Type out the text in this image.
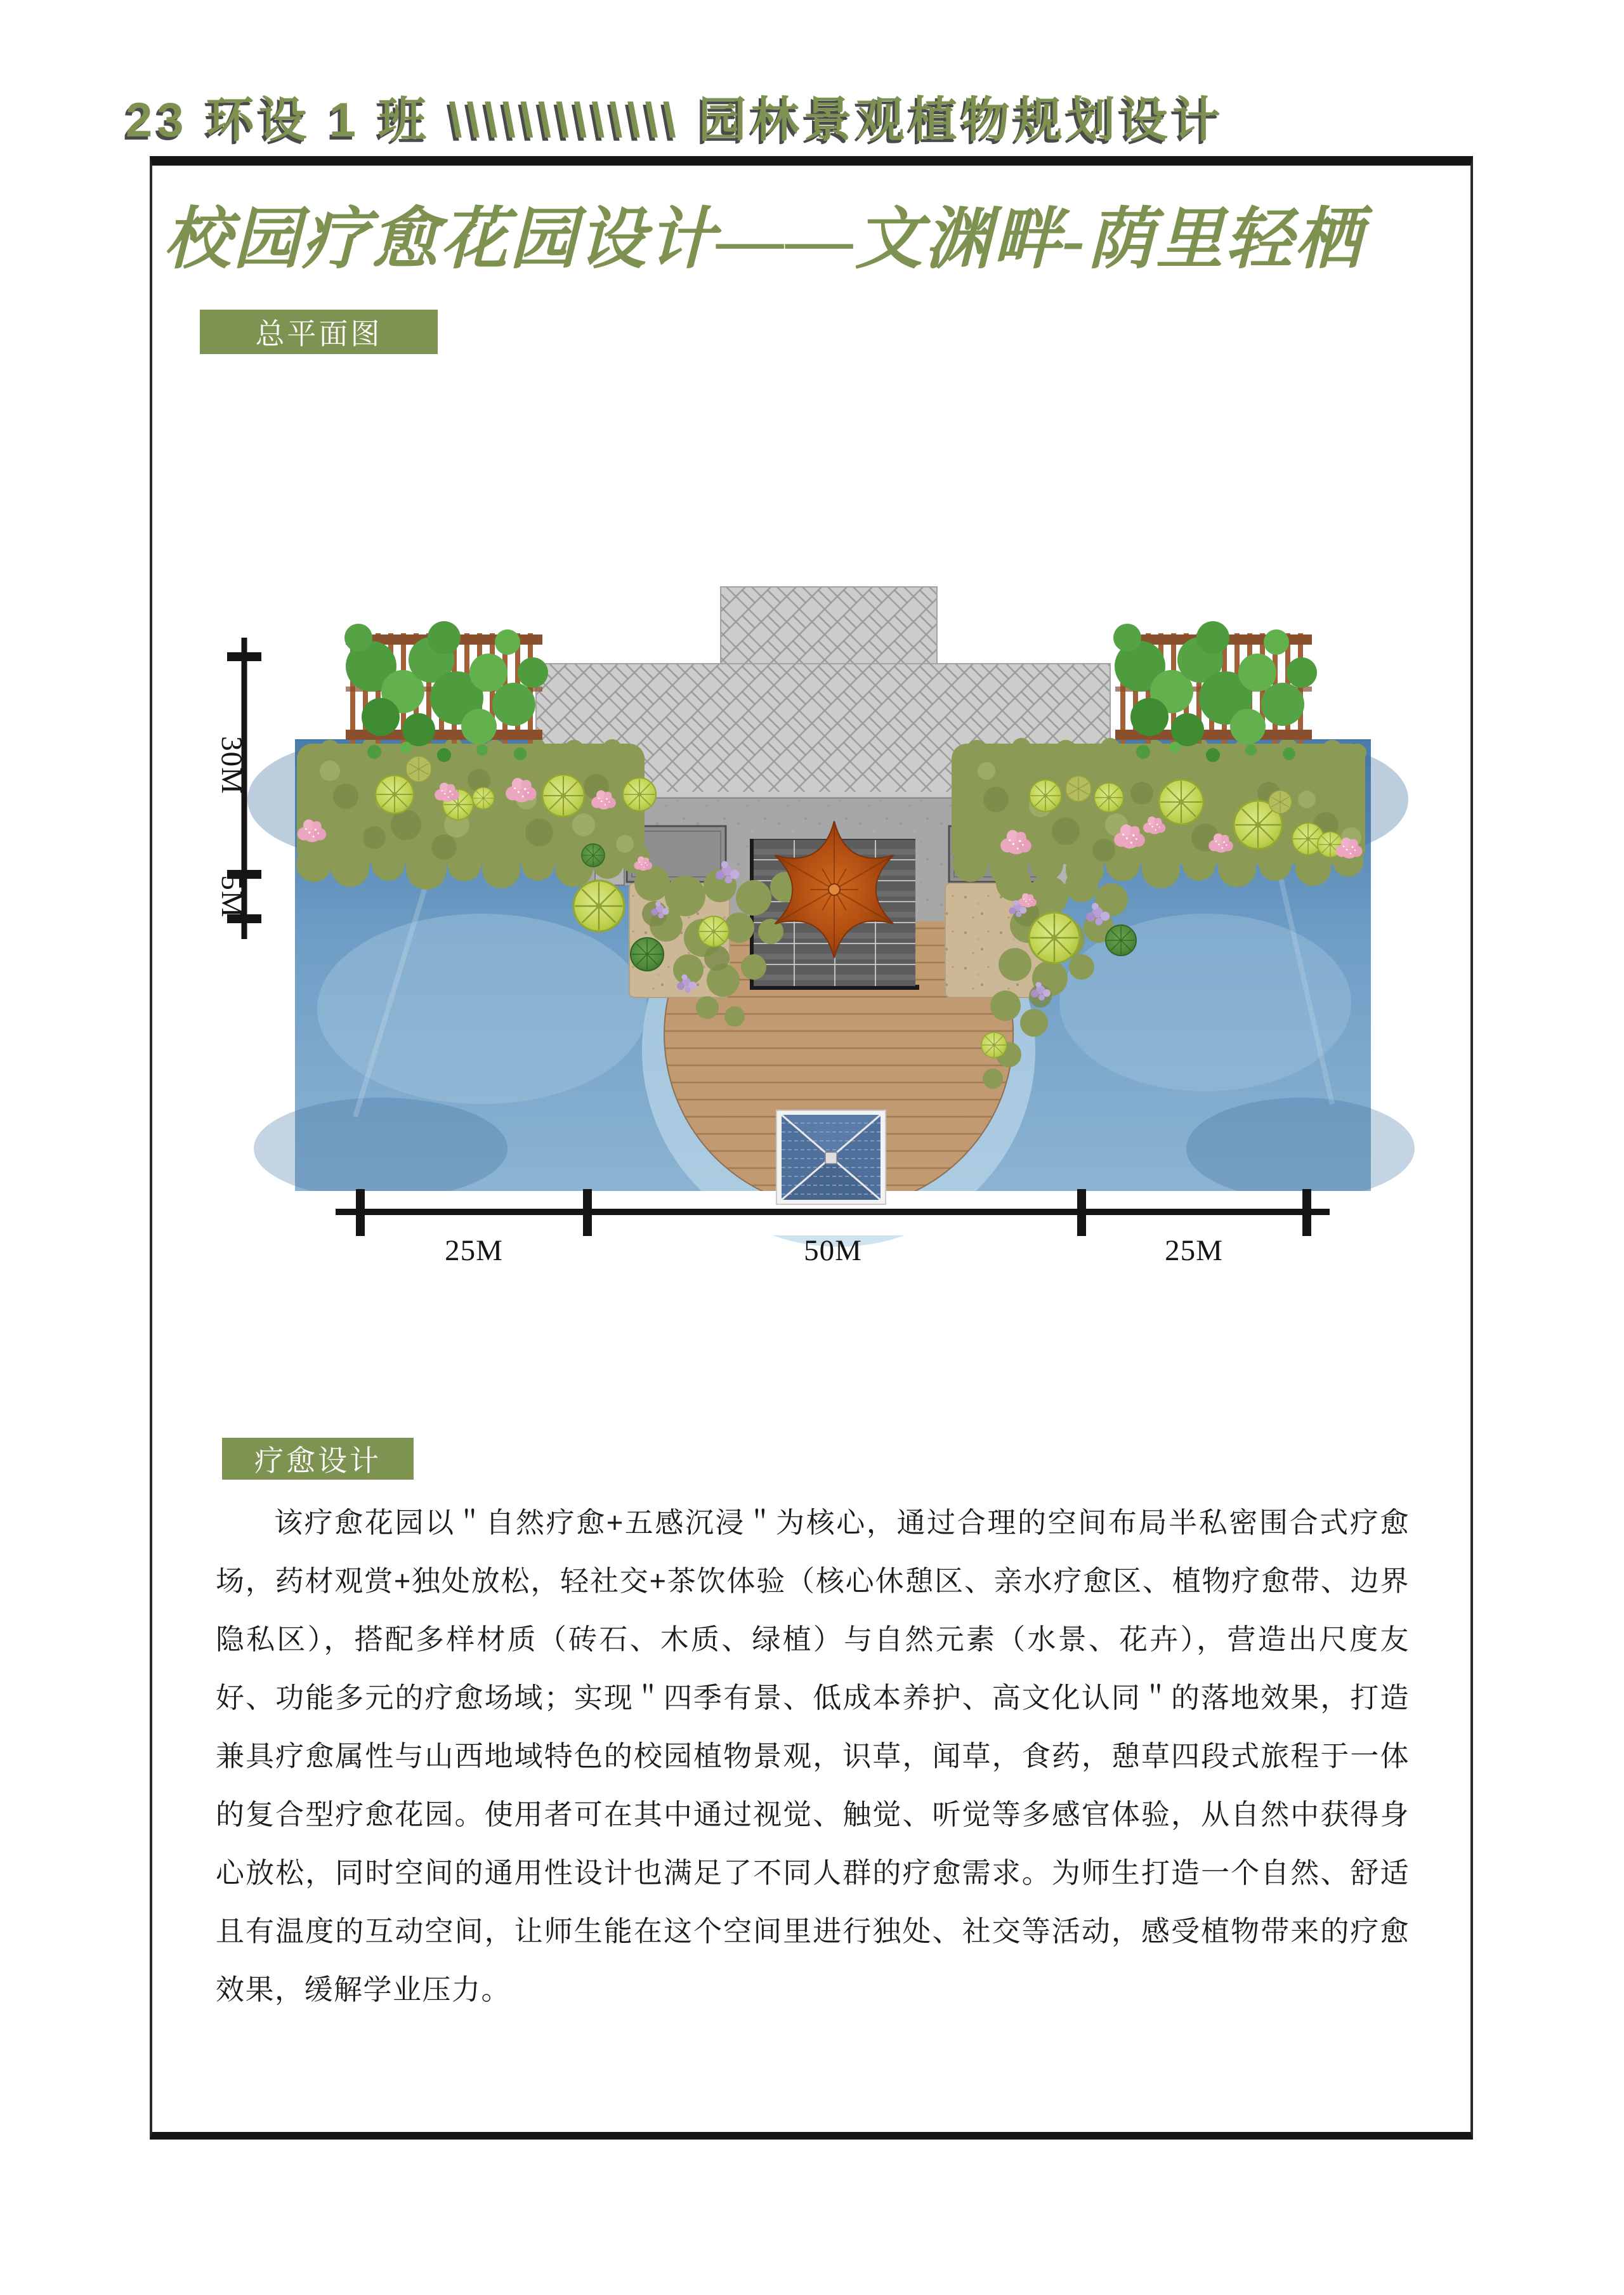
23 环设 1 班 \\\\\\\\\\\\\ 园林景观植物规划设计
校园疗愈花园设计——文渊畔-荫里轻栖
总平面图
30M
5M
25M	50M	25M
疗愈设计
该疗愈花园以＂自然疗愈+五感沉浸＂为核心，通过合理的空间布局半私密围合式疗愈场，药材观赏+独处放松，轻社交+茶饮体验（核心休憩区、亲水疗愈区、植物疗愈带、边界隐私区），搭配多样材质（砖石、木质、绿植）与自然元素（水景、花卉），营造出尺度友好、功能多元的疗愈场域；实现＂四季有景、低成本养护、高文化认同＂的落地效果，打造兼具疗愈属性与山西地域特色的校园植物景观，识草，闻草，食药，憩草四段式旅程于一体的复合型疗愈花园。使用者可在其中通过视觉、触觉、听觉等多感官体验，从自然中获得身心放松，同时空间的通用性设计也满足了不同人群的疗愈需求。为师生打造一个自然、舒适且有温度的互动空间，让师生能在这个空间里进行独处、社交等活动，感受植物带来的疗愈效果，缓解学业压力。
